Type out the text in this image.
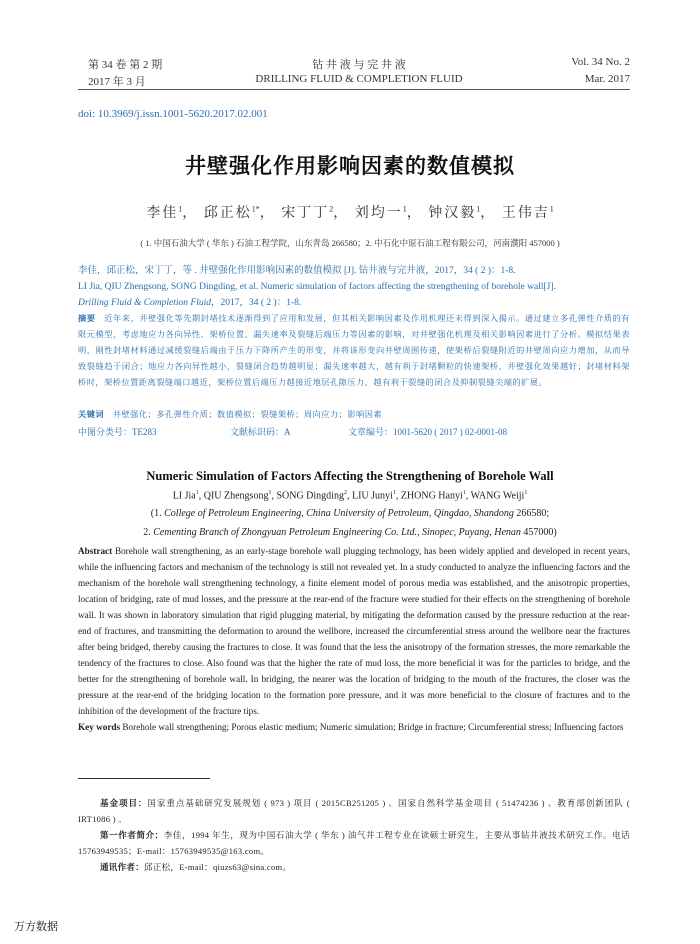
第 34 卷 第 2 期	钻 井 液 与 完 井 液	Vol. 34 No. 2
2017 年 3 月	DRILLING FLUID & COMPLETION FLUID	Mar. 2017
doi: 10.3969/j.issn.1001-5620.2017.02.001
井壁强化作用影响因素的数值模拟
李佳$^1$， 邱正松$^{1*}$， 宋丁丁$^2$， 刘均一$^1$， 钟汉毅$^1$， 王伟吉$^1$
( 1. 中国石油大学 ( 华东 ) 石油工程学院，山东青岛 266580；2. 中石化中原石油工程有限公司，河南濮阳 457000 )
李佳，邱正松，宋丁丁，等 . 井壁强化作用影响因素的数值模拟 [J]. 钻井液与完井液，2017，34 ( 2 )：1-8.
LI Jia, QIU Zhengsong, SONG Dingding, et al. Numeric simulation of factors affecting the strengthening of borehole wall[J].
Drilling Fluid & Completion Fluid，2017，34 ( 2 )：1-8.
摘要　近年来，井壁强化等先期封堵技术逐渐得到了应用和发展，但其相关影响因素及作用机理还未得到深入揭示。通过建立多孔弹性介质的有限元模型，考虑地应力各向异性、架桥位置、漏失速率及裂缝后端压力等因素的影响，对井壁强化机理及相关影响因素进行了分析。模拟结果表明，刚性封堵材料通过减缓裂缝后端由于压力下降所产生的形变，并将该形变向井壁周围传递，使架桥后裂缝附近的井壁周向应力增加，从而导致裂缝趋于闭合；地应力各向异性越小，裂缝闭合趋势越明显；漏失速率越大，越有利于封堵颗粒的快速架桥，井壁强化效果越好；封堵材料架桥时，架桥位置距离裂缝端口越近，架桥位置后端压力越接近地层孔隙压力，越有利于裂缝的闭合及抑制裂缝尖端的扩展。
关键词　井壁强化；多孔弹性介质；数值模拟；裂缝架桥；周向应力；影响因素
中图分类号：TE283	文献标识码：A	文章编号：1001-5620 ( 2017 ) 02-0001-08
Numeric Simulation of Factors Affecting the Strengthening of Borehole Wall
LI Jia$^1$, QIU Zhengsong$^1$, SONG Dingding$^2$, LIU Junyi$^1$, ZHONG Hanyi$^1$, WANG Weiji$^1$
(1. College of Petroleum Engineering, China University of Petroleum, Qingdao, Shandong 266580;
2. Cementing Branch of Zhongyuan Petroleum Engineering Co. Ltd., Sinopec, Puyang, Henan 457000)
Abstract Borehole wall strengthening, as an early-stage borehole wall plugging technology, has been widely applied and developed in recent years, while the influencing factors and mechanism of the technology is still not revealed yet. In a study conducted to analyze the influencing factors and the mechanism of the borehole wall strengthening technology, a finite element model of porous media was established, and the anisotropic properties, location of bridging, rate of mud losses, and the pressure at the rear-end of the fracture were studied for their effects on the strengthening of borehole wall. It was shown in laboratory simulation that rigid plugging material, by mitigating the deformation caused by the pressure reduction at the rear-end of fractures, and transmitting the deformation to around the wellbore, increased the circumferential stress around the wellbore near the fractures after being bridged, thereby causing the fractures to close. It was found that the less the anisotropy of the formation stresses, the more remarkable the tendency of the fractures to close. Also found was that the higher the rate of mud loss, the more beneficial it was for the particles to bridge, and the better for the strengthening of borehole wall. In bridging, the nearer was the location of bridging to the mouth of the fractures, the closer was the pressure at the rear-end of the bridging location to the formation pore pressure, and it was more beneficial to the closure of fractures and to the inhibition of the development of the fracture tips.
Key words Borehole wall strengthening; Porous elastic medium; Numeric simulation; Bridge in fracture; Circumferential stress; Influencing factors
基金项目：国家重点基础研究发展规划 ( 973 ) 项目 ( 2015CB251205 ) 、国家自然科学基金项目 ( 51474236 ) 、教育部创新团队 ( IRT1086 ) 。
第一作者简介：李佳，1994 年生，现为中国石油大学 ( 华东 ) 油气井工程专业在读硕士研究生，主要从事钻井液技术研究工作。电话 15763949535；E-mail：15763949535@163.com。
通讯作者：邱正松，E-mail：qiuzs63@sina.com。
万方数据
